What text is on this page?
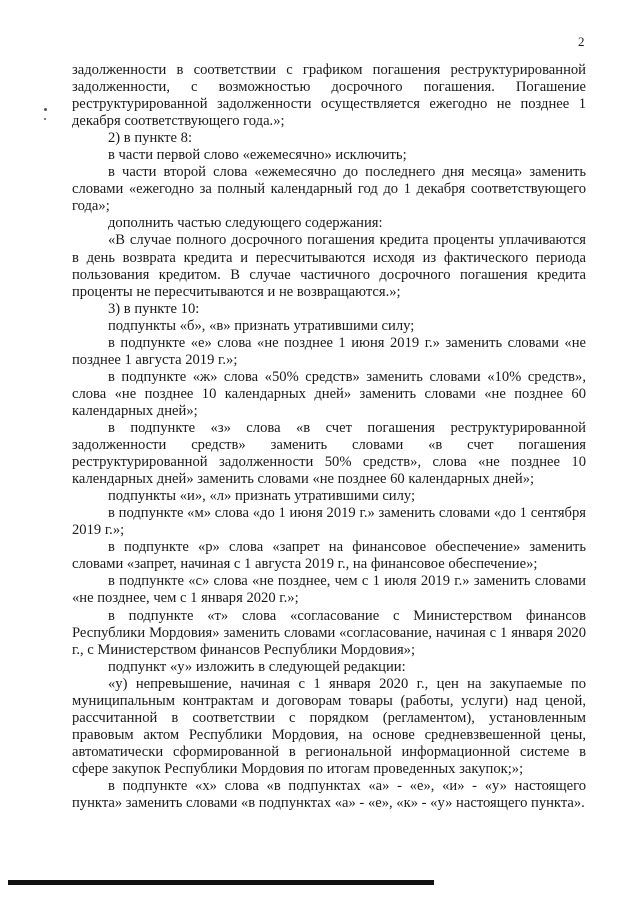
2

задолженности в соответствии с графиком погашения реструктурированной задолженности, с возможностью досрочного погашения. Погашение реструктурированной задолженности осуществляется ежегодно не позднее 1 декабря соответствующего года.»;

2) в пункте 8:

в части первой слово «ежемесячно» исключить;

в части второй слова «ежемесячно до последнего дня месяца» заменить словами «ежегодно за полный календарный год до 1 декабря соответствующего года»;

дополнить частью следующего содержания:

«В случае полного досрочного погашения кредита проценты уплачиваются в день возврата кредита и пересчитываются исходя из фактического периода пользования кредитом. В случае частичного досрочного погашения кредита проценты не пересчитываются и не возвращаются.»;

3) в пункте 10:

подпункты «б», «в» признать утратившими силу;

в подпункте «е» слова «не позднее 1 июня 2019 г.» заменить словами «не позднее 1 августа 2019 г.»;

в подпункте «ж» слова «50% средств» заменить словами «10% средств», слова «не позднее 10 календарных дней» заменить словами «не позднее 60 календарных дней»;

в подпункте «з» слова «в счет погашения реструктурированной задолженности средств» заменить словами «в счет погашения реструктурированной задолженности 50% средств», слова «не позднее 10 календарных дней» заменить словами «не позднее 60 календарных дней»;

подпункты «и», «л» признать утратившими силу;

в подпункте «м» слова «до 1 июня 2019 г.» заменить словами «до 1 сентября 2019 г.»;

в подпункте «р» слова «запрет на финансовое обеспечение» заменить словами «запрет, начиная с 1 августа 2019 г., на финансовое обеспечение»;

в подпункте «с» слова «не позднее, чем с 1 июля 2019 г.» заменить словами «не позднее, чем с 1 января 2020 г.»;

в подпункте «т» слова «согласование с Министерством финансов Республики Мордовия» заменить словами «согласование, начиная с 1 января 2020 г., с Министерством финансов Республики Мордовия»;

подпункт «у» изложить в следующей редакции:

«у) непревышение, начиная с 1 января 2020 г., цен на закупаемые по муниципальным контрактам и договорам товары (работы, услуги) над ценой, рассчитанной в соответствии с порядком (регламентом), установленным правовым актом Республики Мордовия, на основе средневзвешенной цены, автоматически сформированной в региональной информационной системе в сфере закупок Республики Мордовия по итогам проведенных закупок;»;

в подпункте «х» слова «в подпунктах «а» - «е», «и» - «у» настоящего пункта» заменить словами «в подпунктах «а» - «е», «к» - «у» настоящего пункта».
